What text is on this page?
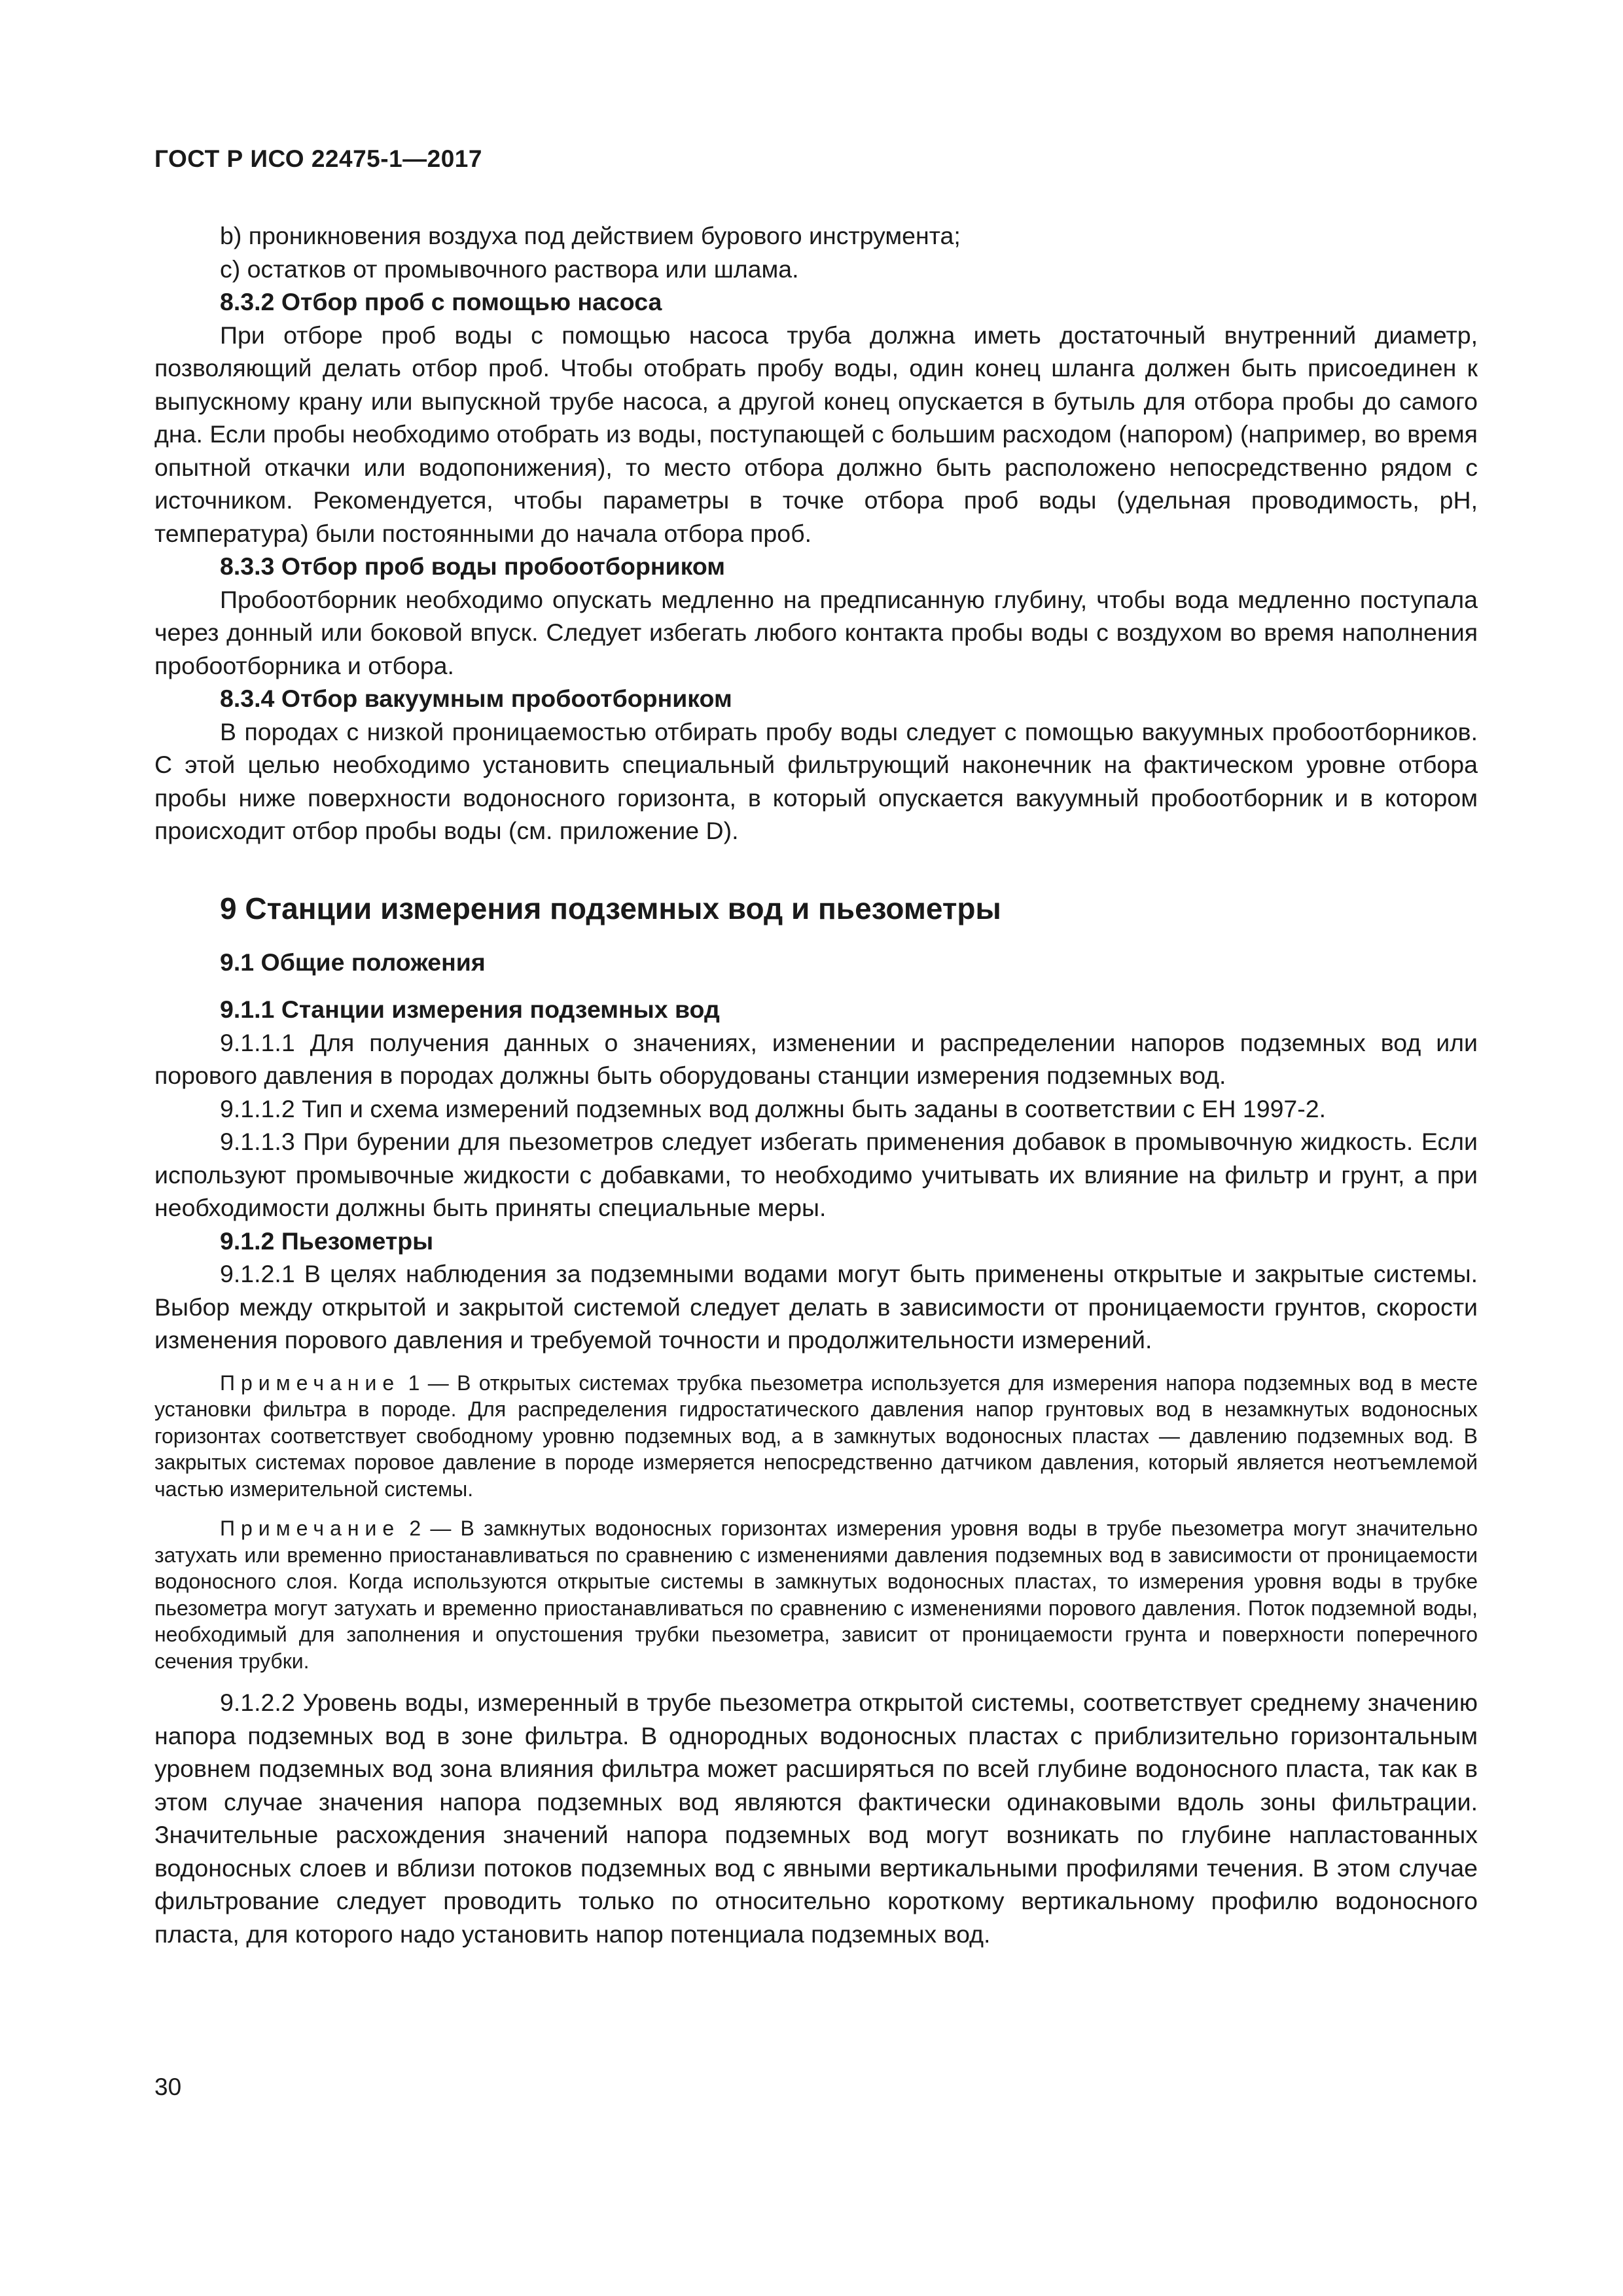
ГОСТ Р ИСО 22475-1—2017

b) проникновения воздуха под действием бурового инструмента;

c) остатков от промывочного раствора или шлама.

8.3.2 Отбор проб с помощью насоса

При отборе проб воды с помощью насоса труба должна иметь достаточный внутренний диаметр, позволяющий делать отбор проб. Чтобы отобрать пробу воды, один конец шланга должен быть присоединен к выпускному крану или выпускной трубе насоса, а другой конец опускается в бутыль для отбора пробы до самого дна. Если пробы необходимо отобрать из воды, поступающей с большим расходом (напором) (например, во время опытной откачки или водопонижения), то место отбора должно быть расположено непосредственно рядом с источником. Рекомендуется, чтобы параметры в точке отбора проб воды (удельная проводимость, pH, температура) были постоянными до начала отбора проб.

8.3.3 Отбор проб воды пробоотборником

Пробоотборник необходимо опускать медленно на предписанную глубину, чтобы вода медленно поступала через донный или боковой впуск. Следует избегать любого контакта пробы воды с воздухом во время наполнения пробоотборника и отбора.

8.3.4 Отбор вакуумным пробоотборником

В породах с низкой проницаемостью отбирать пробу воды следует с помощью вакуумных пробоотборников. С этой целью необходимо установить специальный фильтрующий наконечник на фактическом уровне отбора пробы ниже поверхности водоносного горизонта, в который опускается вакуумный пробоотборник и в котором происходит отбор пробы воды (см. приложение D).

9 Станции измерения подземных вод и пьезометры

9.1 Общие положения

9.1.1 Станции измерения подземных вод

9.1.1.1 Для получения данных о значениях, изменении и распределении напоров подземных вод или порового давления в породах должны быть оборудованы станции измерения подземных вод.

9.1.1.2 Тип и схема измерений подземных вод должны быть заданы в соответствии с ЕН 1997-2.

9.1.1.3 При бурении для пьезометров следует избегать применения добавок в промывочную жидкость. Если используют промывочные жидкости с добавками, то необходимо учитывать их влияние на фильтр и грунт, а при необходимости должны быть приняты специальные меры.

9.1.2 Пьезометры

9.1.2.1 В целях наблюдения за подземными водами могут быть применены открытые и закрытые системы. Выбор между открытой и закрытой системой следует делать в зависимости от проницаемости грунтов, скорости изменения порового давления и требуемой точности и продолжительности измерений.

Примечание 1 — В открытых системах трубка пьезометра используется для измерения напора подземных вод в месте установки фильтра в породе. Для распределения гидростатического давления напор грунтовых вод в незамкнутых водоносных горизонтах соответствует свободному уровню подземных вод, а в замкнутых водоносных пластах — давлению подземных вод. В закрытых системах поровое давление в породе измеряется непосредственно датчиком давления, который является неотъемлемой частью измерительной системы.

Примечание 2 — В замкнутых водоносных горизонтах измерения уровня воды в трубе пьезометра могут значительно затухать или временно приостанавливаться по сравнению с изменениями давления подземных вод в зависимости от проницаемости водоносного слоя. Когда используются открытые системы в замкнутых водоносных пластах, то измерения уровня воды в трубке пьезометра могут затухать и временно приостанавливаться по сравнению с изменениями порового давления. Поток подземной воды, необходимый для заполнения и опустошения трубки пьезометра, зависит от проницаемости грунта и поверхности поперечного сечения трубки.

9.1.2.2 Уровень воды, измеренный в трубе пьезометра открытой системы, соответствует среднему значению напора подземных вод в зоне фильтра. В однородных водоносных пластах с приблизительно горизонтальным уровнем подземных вод зона влияния фильтра может расширяться по всей глубине водоносного пласта, так как в этом случае значения напора подземных вод являются фактически одинаковыми вдоль зоны фильтрации. Значительные расхождения значений напора подземных вод могут возникать по глубине напластованных водоносных слоев и вблизи потоков подземных вод с явными вертикальными профилями течения. В этом случае фильтрование следует проводить только по относительно короткому вертикальному профилю водоносного пласта, для которого надо установить напор потенциала подземных вод.

30
